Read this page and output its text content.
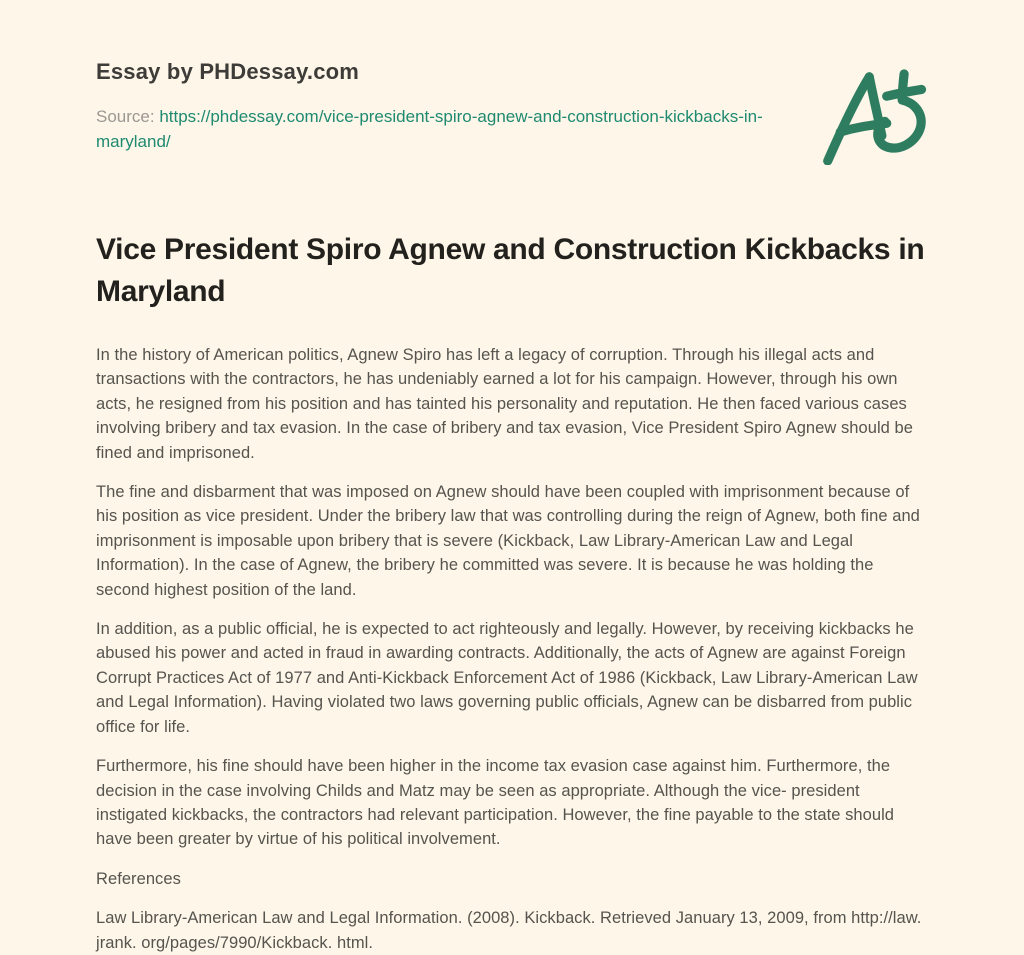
Essay by PHDessay.com

Source: https://phdessay.com/vice-president-spiro-agnew-and-construction-kickbacks-in-maryland/

Vice President Spiro Agnew and Construction Kickbacks in Maryland

In the history of American politics, Agnew Spiro has left a legacy of corruption. Through his illegal acts and transactions with the contractors, he has undeniably earned a lot for his campaign. However, through his own acts, he resigned from his position and has tainted his personality and reputation. He then faced various cases involving bribery and tax evasion. In the case of bribery and tax evasion, Vice President Spiro Agnew should be fined and imprisoned.

The fine and disbarment that was imposed on Agnew should have been coupled with imprisonment because of his position as vice president. Under the bribery law that was controlling during the reign of Agnew, both fine and imprisonment is imposable upon bribery that is severe (Kickback, Law Library-American Law and Legal Information). In the case of Agnew, the bribery he committed was severe. It is because he was holding the second highest position of the land.

In addition, as a public official, he is expected to act righteously and legally. However, by receiving kickbacks he abused his power and acted in fraud in awarding contracts. Additionally, the acts of Agnew are against Foreign Corrupt Practices Act of 1977 and Anti-Kickback Enforcement Act of 1986 (Kickback, Law Library-American Law and Legal Information). Having violated two laws governing public officials, Agnew can be disbarred from public office for life.

Furthermore, his fine should have been higher in the income tax evasion case against him. Furthermore, the decision in the case involving Childs and Matz may be seen as appropriate. Although the vice- president instigated kickbacks, the contractors had relevant participation. However, the fine payable to the state should have been greater by virtue of his political involvement.

References

Law Library-American Law and Legal Information. (2008). Kickback. Retrieved January 13, 2009, from http://law. jrank. org/pages/7990/Kickback. html.
